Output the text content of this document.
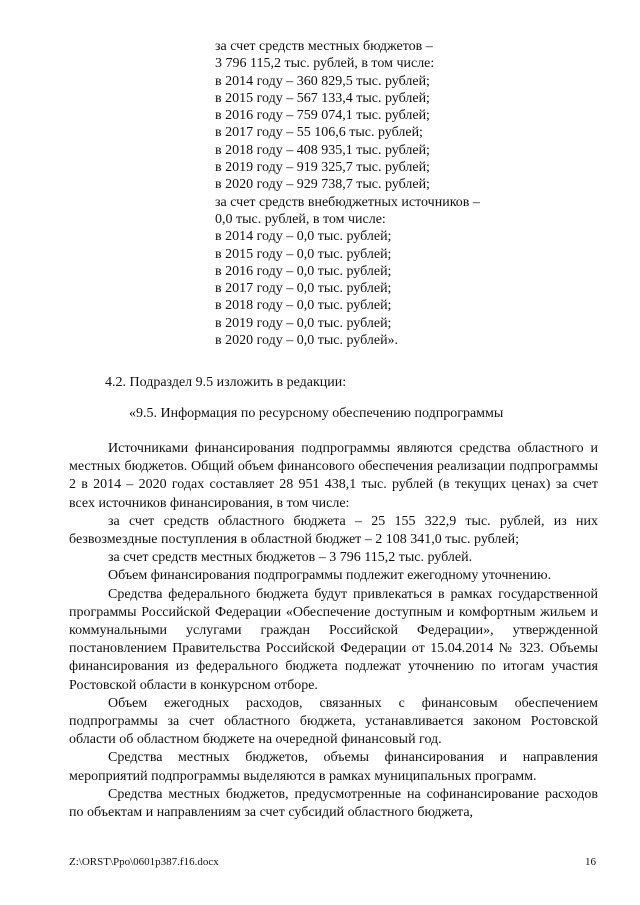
за счет средств местных бюджетов –
3 796 115,2 тыс. рублей, в том числе:
в 2014 году – 360 829,5 тыс. рублей;
в 2015 году – 567 133,4 тыс. рублей;
в 2016 году – 759 074,1 тыс. рублей;
в 2017 году – 55 106,6 тыс. рублей;
в 2018 году – 408 935,1 тыс. рублей;
в 2019 году – 919 325,7 тыс. рублей;
в 2020 году – 929 738,7 тыс. рублей;
за счет средств внебюджетных источников –
0,0 тыс. рублей, в том числе:
в 2014 году – 0,0 тыс. рублей;
в 2015 году – 0,0 тыс. рублей;
в 2016 году – 0,0 тыс. рублей;
в 2017 году – 0,0 тыс. рублей;
в 2018 году – 0,0 тыс. рублей;
в 2019 году – 0,0 тыс. рублей;
в 2020 году – 0,0 тыс. рублей».
4.2. Подраздел 9.5 изложить в редакции:
«9.5. Информация по ресурсному обеспечению подпрограммы

Источниками финансирования подпрограммы являются средства областного и местных бюджетов. Общий объем финансового обеспечения реализации подпрограммы 2 в 2014 – 2020 годах составляет 28 951 438,1 тыс. рублей (в текущих ценах) за счет всех источников финансирования, в том числе:

за счет средств областного бюджета – 25 155 322,9 тыс. рублей, из них безвозмездные поступления в областной бюджет – 2 108 341,0 тыс. рублей;

за счет средств местных бюджетов – 3 796 115,2 тыс. рублей.

Объем финансирования подпрограммы подлежит ежегодному уточнению.

Средства федерального бюджета будут привлекаться в рамках государственной программы Российской Федерации «Обеспечение доступным и комфортным жильем и коммунальными услугами граждан Российской Федерации», утвержденной постановлением Правительства Российской Федерации от 15.04.2014 № 323. Объемы финансирования из федерального бюджета подлежат уточнению по итогам участия Ростовской области в конкурсном отборе.

Объем ежегодных расходов, связанных с финансовым обеспечением подпрограммы за счет областного бюджета, устанавливается законом Ростовской области об областном бюджете на очередной финансовый год.

Средства местных бюджетов, объемы финансирования и направления мероприятий подпрограммы выделяются в рамках муниципальных программ.

Средства местных бюджетов, предусмотренные на софинансирование расходов по объектам и направлениям за счет субсидий областного бюджета,

Z:\ORST\Ppo\0601p387.f16.docx	16
